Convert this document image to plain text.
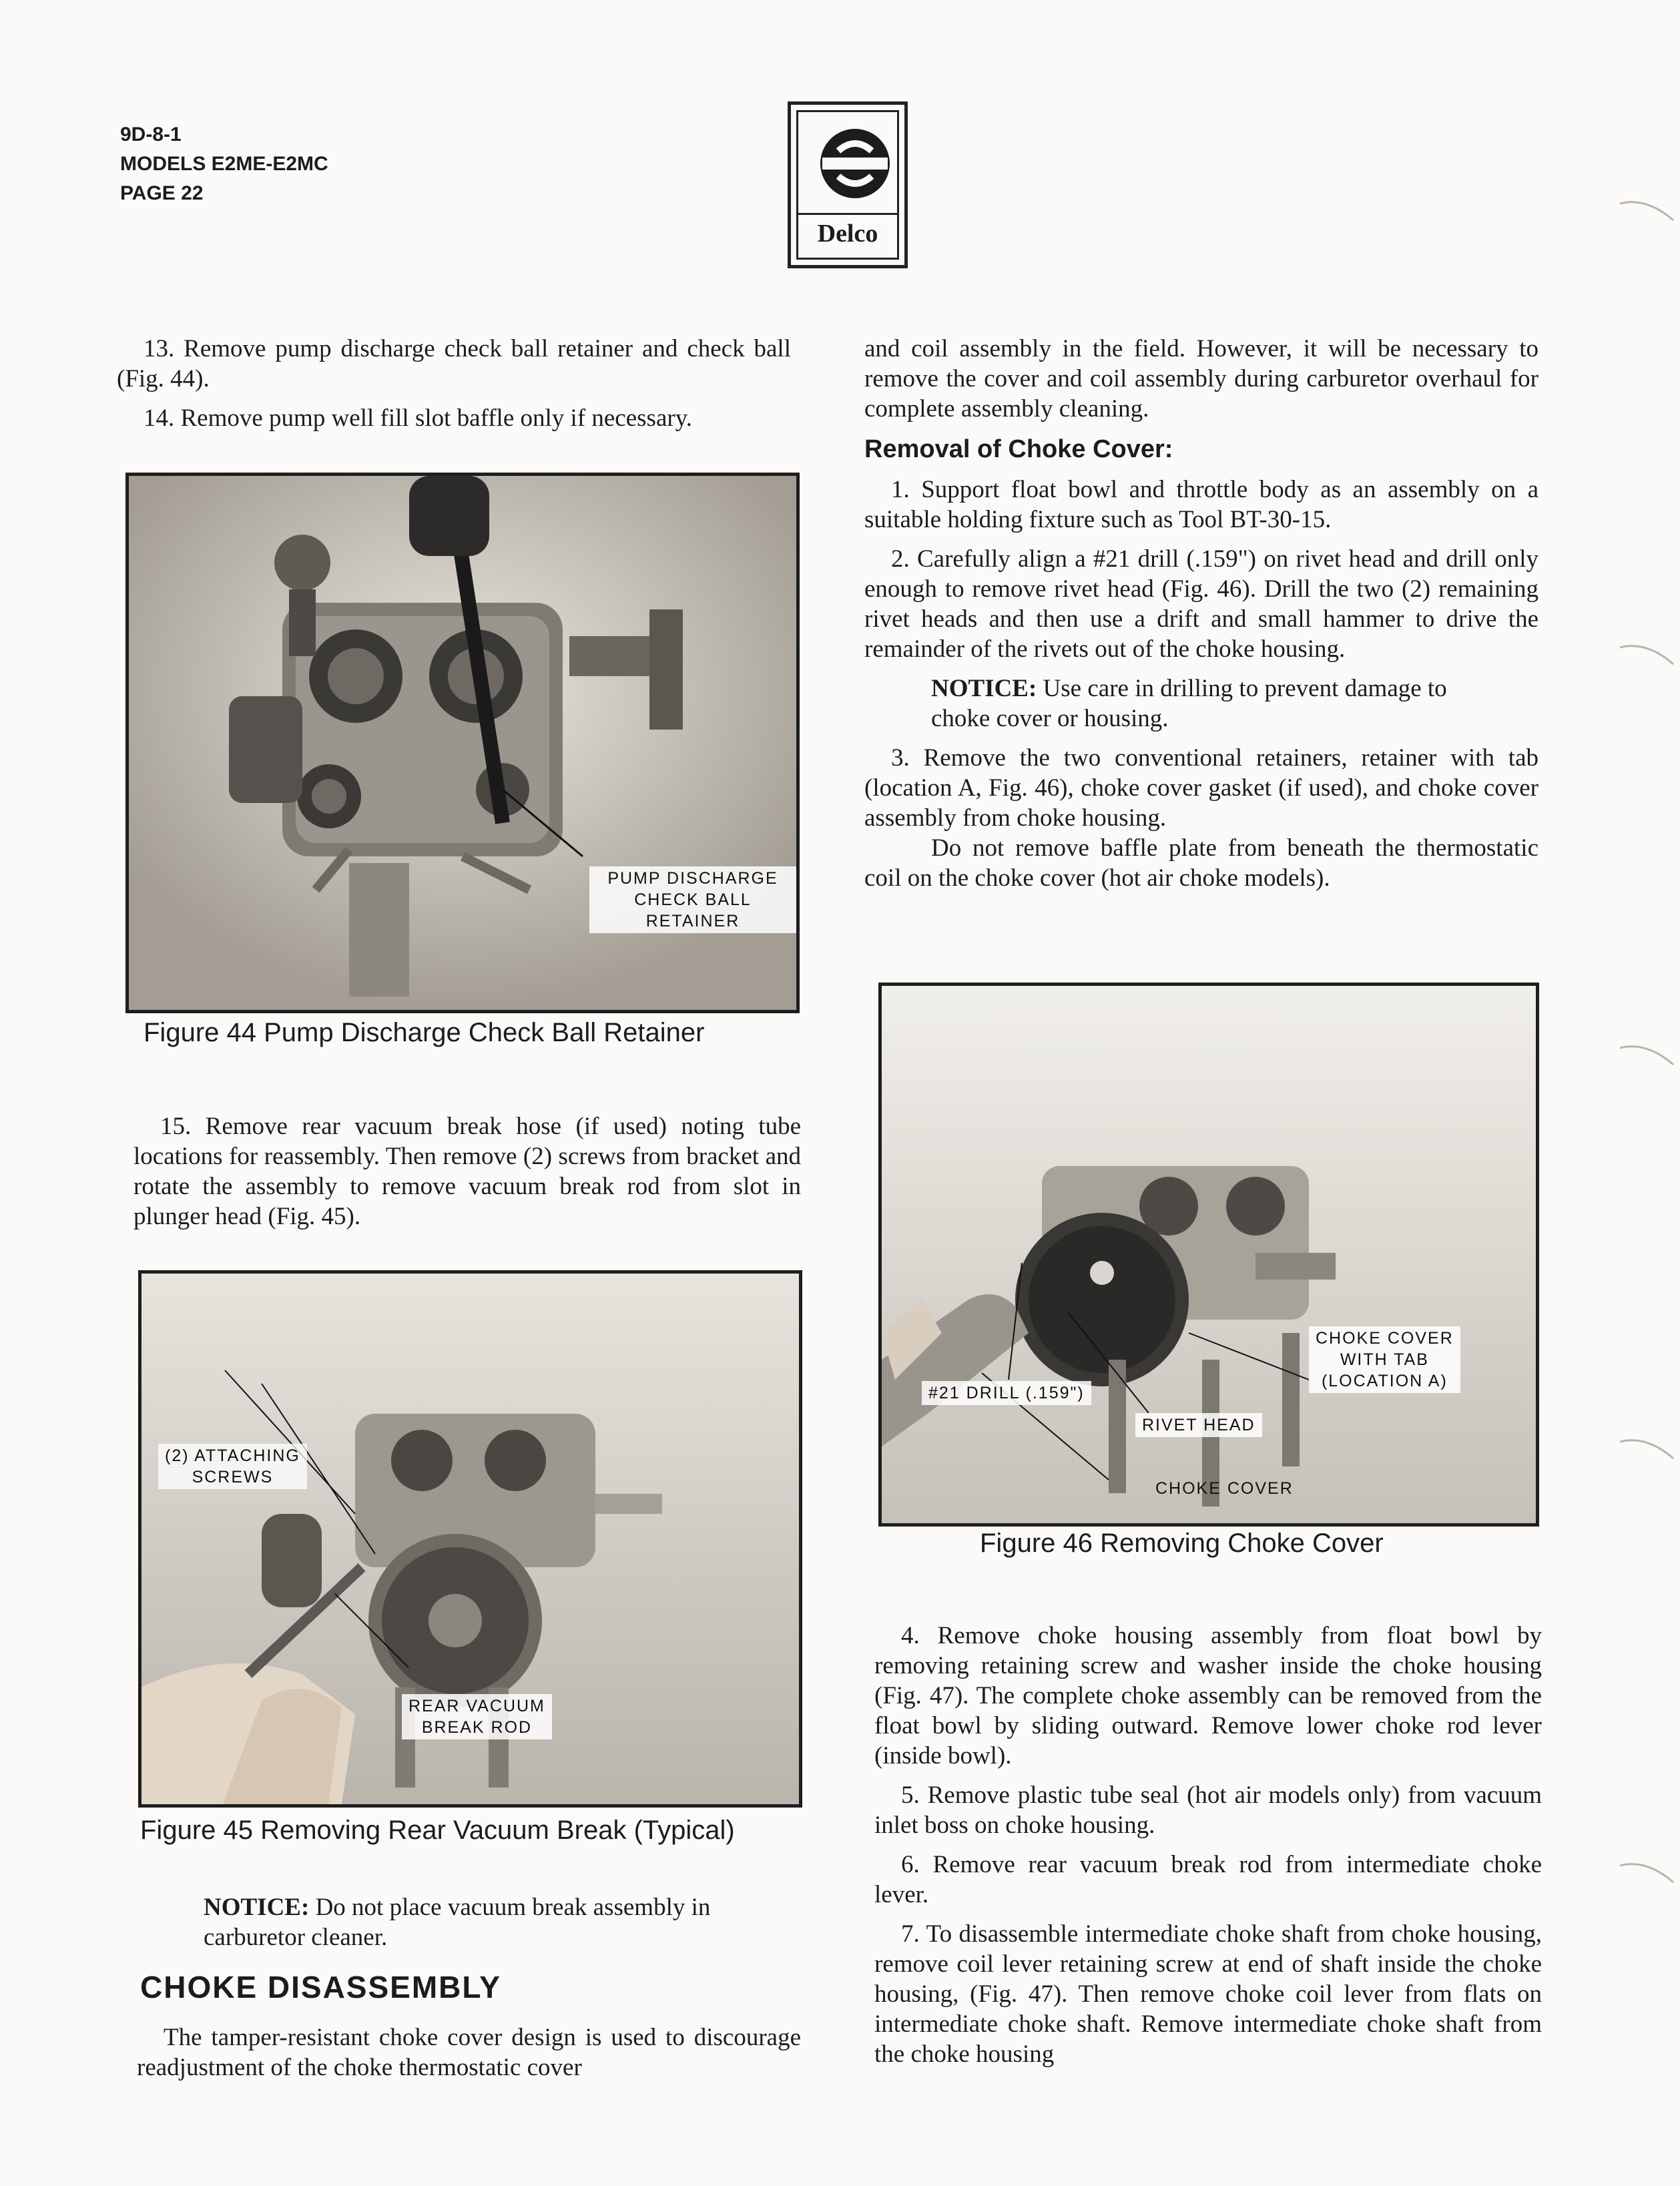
9D-8-1
MODELS E2ME-E2MC
PAGE 22
Delco

13. Remove pump discharge check ball retainer and check ball (Fig. 44).

14. Remove pump well fill slot baffle only if necessary.

PUMP DISCHARGE
CHECK BALL RETAINER
Figure 44 Pump Discharge Check Ball Retainer

15. Remove rear vacuum break hose (if used) noting tube locations for reassembly. Then remove (2) screws from bracket and rotate the assembly to remove vacuum break rod from slot in plunger head (Fig. 45).

(2) ATTACHING
SCREWS
REAR VACUUM
BREAK ROD
Figure 45 Removing Rear Vacuum Break (Typical)

NOTICE: Do not place vacuum break assembly in carburetor cleaner.

CHOKE DISASSEMBLY

The tamper-resistant choke cover design is used to discourage readjustment of the choke thermostatic cover

and coil assembly in the field. However, it will be necessary to remove the cover and coil assembly during carburetor overhaul for complete assembly cleaning.

Removal of Choke Cover:

1. Support float bowl and throttle body as an assembly on a suitable holding fixture such as Tool BT-30-15.

2. Carefully align a #21 drill (.159") on rivet head and drill only enough to remove rivet head (Fig. 46). Drill the two (2) remaining rivet heads and then use a drift and small hammer to drive the remainder of the rivets out of the choke housing.

NOTICE: Use care in drilling to prevent damage to choke cover or housing.

3. Remove the two conventional retainers, retainer with tab (location A, Fig. 46), choke cover gasket (if used), and choke cover assembly from choke housing.

Do not remove baffle plate from beneath the thermostatic coil on the choke cover (hot air choke models).

#21 DRILL (.159")
RIVET HEAD
CHOKE COVER
WITH TAB
(LOCATION A)
CHOKE COVER
Figure 46 Removing Choke Cover

4. Remove choke housing assembly from float bowl by removing retaining screw and washer inside the choke housing (Fig. 47). The complete choke assembly can be removed from the float bowl by sliding outward. Remove lower choke rod lever (inside bowl).

5. Remove plastic tube seal (hot air models only) from vacuum inlet boss on choke housing.

6. Remove rear vacuum break rod from intermediate choke lever.

7. To disassemble intermediate choke shaft from choke housing, remove coil lever retaining screw at end of shaft inside the choke housing, (Fig. 47). Then remove choke coil lever from flats on intermediate choke shaft. Remove intermediate choke shaft from the choke housing
